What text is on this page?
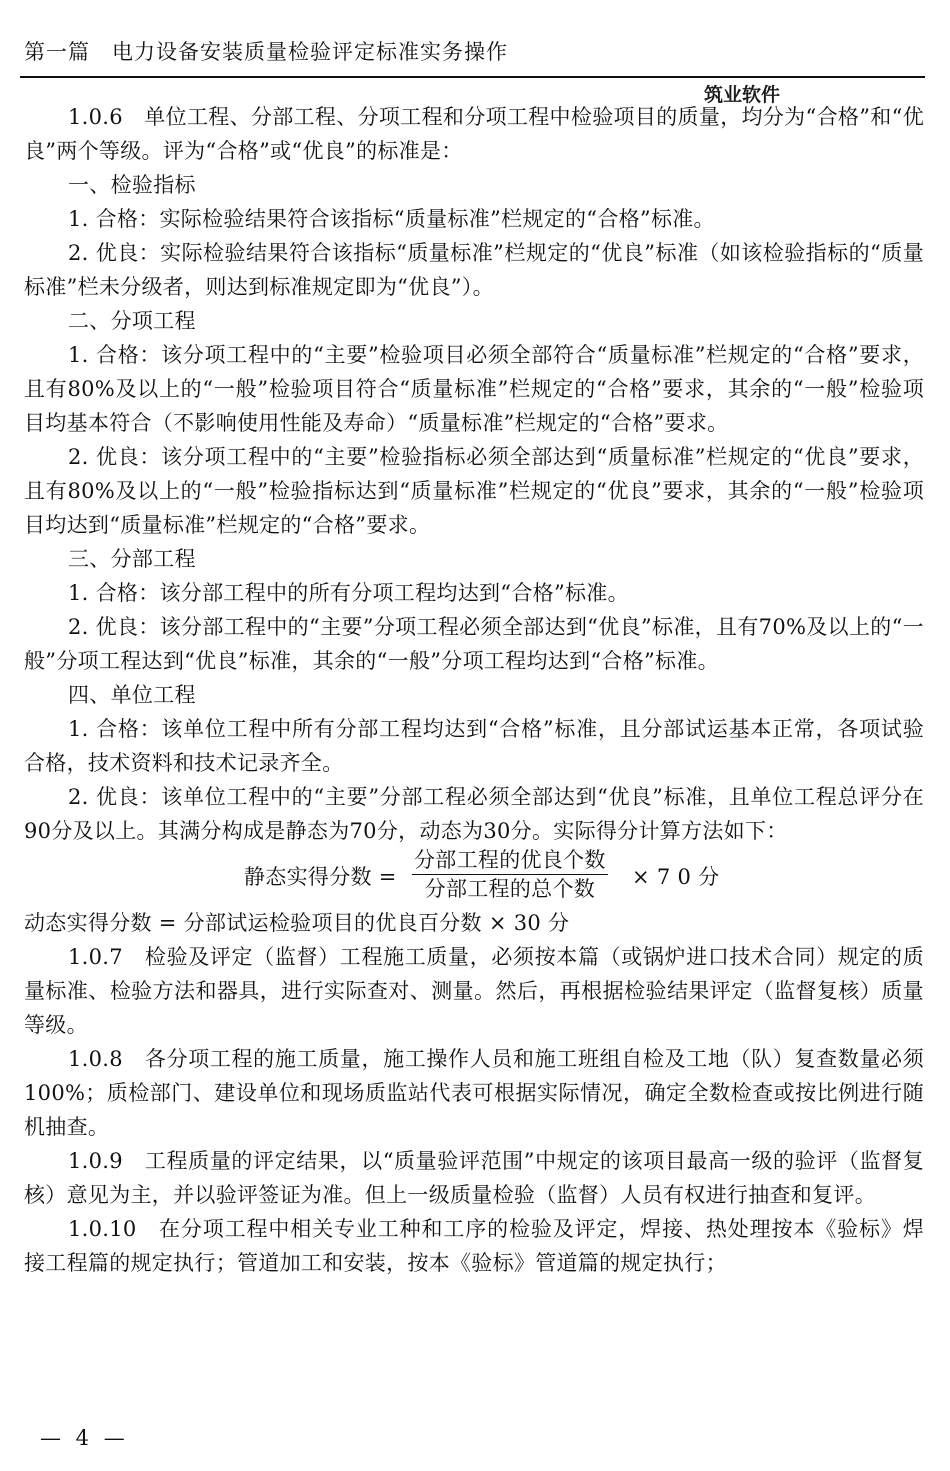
第一篇　电力设备安装质量检验评定标准实务操作
筑业软件

1.0.6　单位工程、分部工程、分项工程和分项工程中检验项目的质量，均分为“合格”和“优良”两个等级。评为“合格”或“优良”的标准是：

一、检验指标

1. 合格：实际检验结果符合该指标“质量标准”栏规定的“合格”标准。

2. 优良：实际检验结果符合该指标“质量标准”栏规定的“优良”标准（如该检验指标的“质量标准”栏未分级者，则达到标准规定即为“优良”）。

二、分项工程

1. 合格：该分项工程中的“主要”检验项目必须全部符合“质量标准”栏规定的“合格”要求，且有80%及以上的“一般”检验项目符合“质量标准”栏规定的“合格”要求，其余的“一般”检验项目均基本符合（不影响使用性能及寿命）“质量标准”栏规定的“合格”要求。

2. 优良：该分项工程中的“主要”检验指标必须全部达到“质量标准”栏规定的“优良”要求，且有80%及以上的“一般”检验指标达到“质量标准”栏规定的“优良”要求，其余的“一般”检验项目均达到“质量标准”栏规定的“合格”要求。

三、分部工程

1. 合格：该分部工程中的所有分项工程均达到“合格”标准。

2. 优良：该分部工程中的“主要”分项工程必须全部达到“优良”标准，且有70%及以上的“一般”分项工程达到“优良”标准，其余的“一般”分项工程均达到“合格”标准。

四、单位工程

1. 合格：该单位工程中所有分部工程均达到“合格”标准，且分部试运基本正常，各项试验合格，技术资料和技术记录齐全。

2. 优良：该单位工程中的“主要”分部工程必须全部达到“优良”标准，且单位工程总评分在90分及以上。其满分构成是静态为70分，动态为30分。实际得分计算方法如下：

静态实得分数 =
分部工程的优良个数
分部工程的总个数	× 7 0 分

动态实得分数 = 分部试运检验项目的优良百分数 × 30 分

1.0.7　检验及评定（监督）工程施工质量，必须按本篇（或锅炉进口技术合同）规定的质量标准、检验方法和器具，进行实际查对、测量。然后，再根据检验结果评定（监督复核）质量等级。

1.0.8　各分项工程的施工质量，施工操作人员和施工班组自检及工地（队）复查数量必须100%；质检部门、建设单位和现场质监站代表可根据实际情况，确定全数检查或按比例进行随机抽查。

1.0.9　工程质量的评定结果，以“质量验评范围”中规定的该项目最高一级的验评（监督复核）意见为主，并以验评签证为准。但上一级质量检验（监督）人员有权进行抽查和复评。

1.0.10　在分项工程中相关专业工种和工序的检验及评定，焊接、热处理按本《验标》焊接工程篇的规定执行；管道加工和安装，按本《验标》管道篇的规定执行；

— 4 —
